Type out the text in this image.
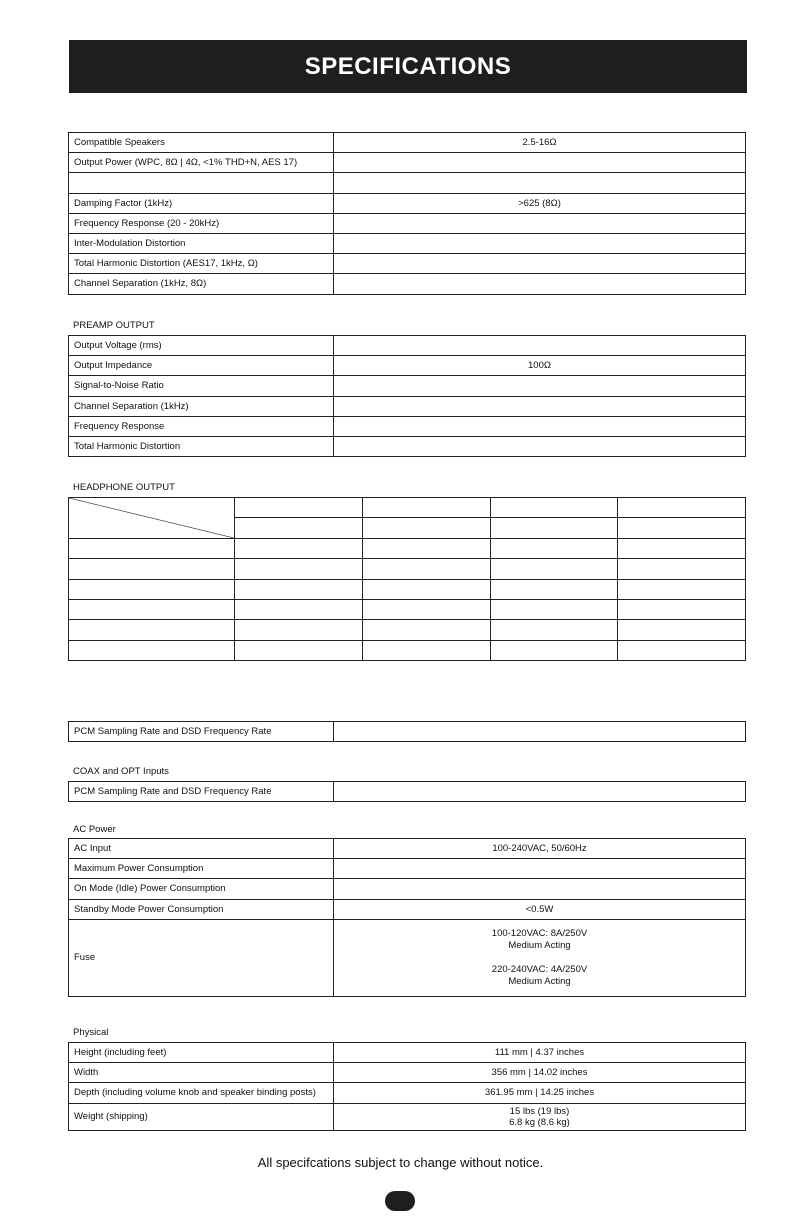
SPECIFICATIONS
Compatible Speakers	2.5-16Ω
Output Power (WPC, 8Ω | 4Ω, <1% THD+N, AES 17)	

Damping Factor (1kHz)	>625 (8Ω)
Frequency Response (20 - 20kHz)	
Inter-Modulation Distortion	
Total Harmonic Distortion (AES17, 1kHz, Ω)	
Channel Separation (1kHz, 8Ω)	
PREAMP OUTPUT
Output Voltage (rms)	
Output Impedance	100Ω
Signal-to-Noise Ratio	
Channel Separation (1kHz)	
Frequency Response	
Total Harmonic Distortion	
HEADPHONE OUTPUT

PCM Sampling Rate and DSD Frequency Rate	
COAX and OPT Inputs
PCM Sampling Rate and DSD Frequency Rate	
AC Power
AC Input	100-240VAC, 50/60Hz
Maximum Power Consumption	
On Mode (Idle) Power Consumption	
Standby Mode Power Consumption	<0.5W
Fuse	100-120VAC: 8A/250V
Medium Acting
220-240VAC: 4A/250V
Medium Acting
Physical
Height (including feet)	111 mm | 4.37 inches
Width	356 mm | 14.02 inches
Depth (including volume knob and speaker binding posts)	361.95 mm | 14.25 inches
Weight (shipping)	15 lbs (19 lbs)
6.8 kg (8.6 kg)
All specifcations subject to change without notice.
